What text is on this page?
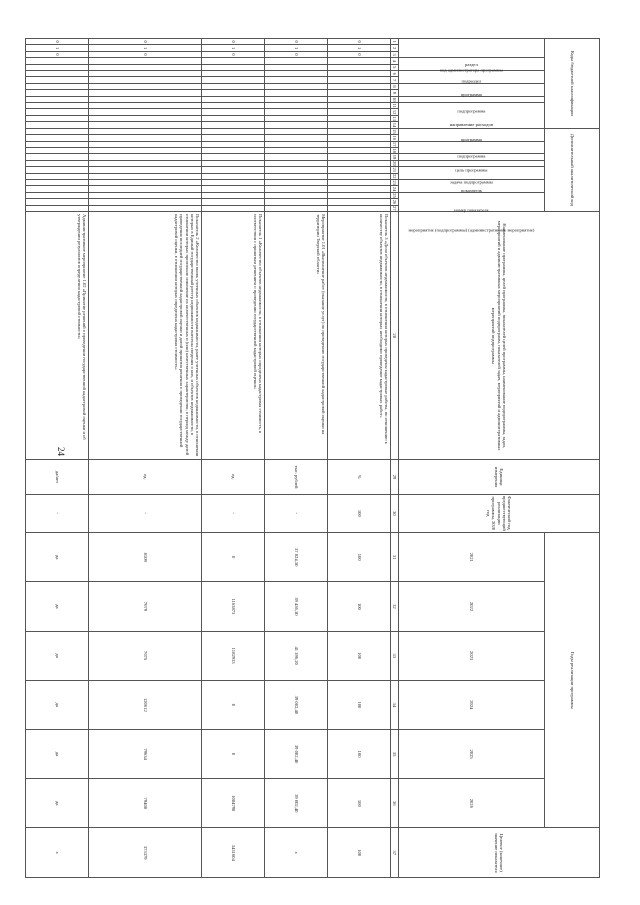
24
Коды бюджетной классификации														Дополнительный аналитический код													Наименование программы, целей программы, показателей целей программы, наименование подпрограммы, задач, мероприятий и административных мероприятий подпрограмм, показателей задач, мероприятий и административных мероприятий подпрограммы	Единица измерения	Фактический год, предшествующий реализации программы, 2020 год	Годы реализации программы						Целевое (конечное) значение показателя
код администратора программы			раздел		подраздел		программа		подпрограмма	направление расходов				программа		подпрограмма		цель программы	задача подпрограммы	мероприятие (подпрограммы) (административное мероприятие)		показатель		номер показателя						2021	2022	2023	2024	2025	2026	
1	2	3	4	5	6	7	8	9	10	11	12	13	14	15	16	17	18	19	20	21	22	23	24	25	26	27	28	29	30	31	32	33	34	35	36	37
0	1	0																									Показатель 3 «Доля объектов недвижимости, в отношении которых проведены кадастровые работы, по отношению к количеству объектов недвижимости, в отношении которых необходимо проведение кадастровых работ»	%	100	100	100	100	100	100	100	100
0	1	0																									Мероприятие 1.01 «Выполнение работ (оказание услуг) по проведению государственной кадастровой оценки на территории Тверской области»	тыс. рублей	-	37 824,30	39 436,30	41 396,20	39 002,40	39 002,40	39 002,40	х
0	1	0																									Показатель 1 «Количество объектов недвижимости, в отношении которых определена кадастровая стоимость, в соответствии с принятым решением о проведении государственной кадастровой оценки»	ед.	-	0	1163873	1182933	0	0	1084798	3431604
0	1	0																									Показатель 2 «Количество вновь учтенных объектов недвижимости, ранее учтенных объектов недвижимости, в отношении которых в Единый государственный реестр недвижимости внесены сведения о них, и объектов недвижимости, в отношении которых произошло изменение их количественных и (или) качественных характеристик, в период между датой проведения последней государственной кадастровой оценки и датой принятия решения о проведении государственной кадастровой оценки, в отношении которых определена кадастровая стоимость»	ед.	-	8109	7679	7675	120612	79634	79408	373379
0	1	0																									Административное мероприятие 1.02 «Принятие решений о проведении государственной кадастровой оценки и об утверждении результатов определения кадастровой стоимости»	да/нет	-	да	да	да	да	да	да	х
